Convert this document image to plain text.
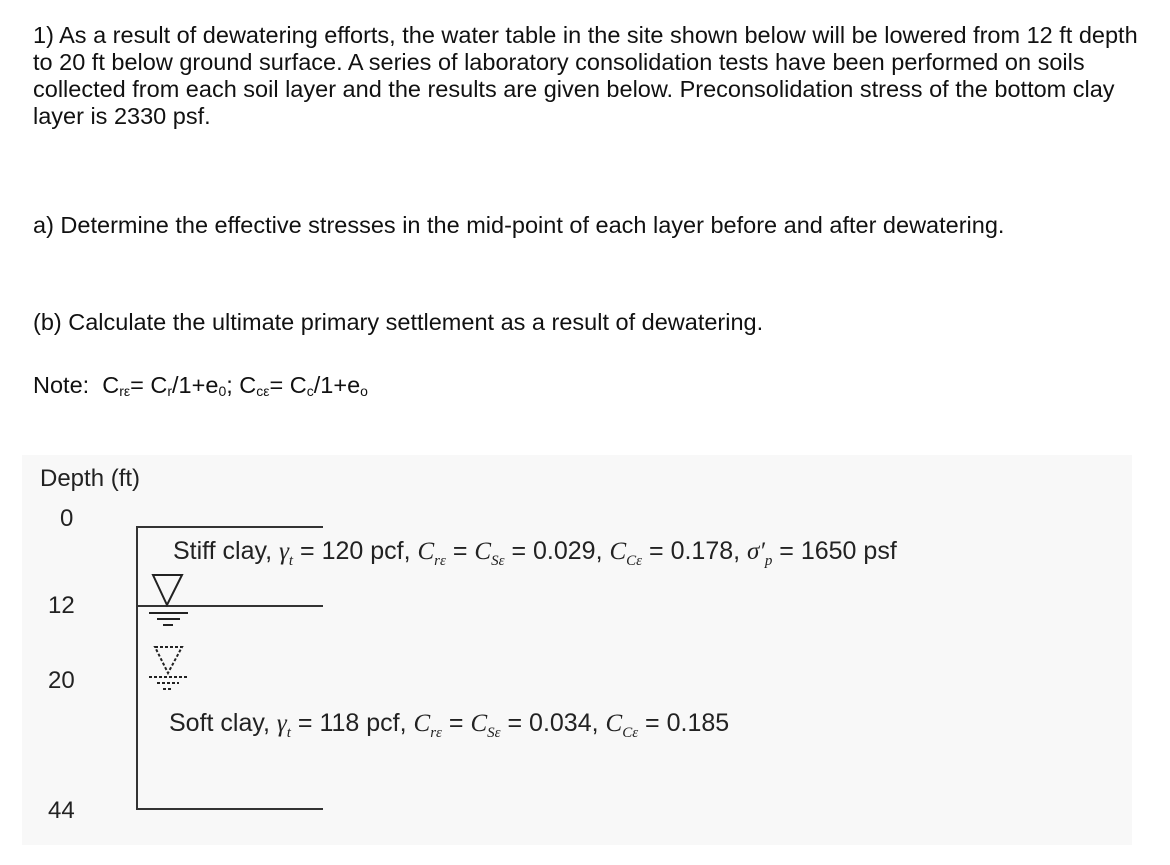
1) As a result of dewatering efforts, the water table in the site shown below will be lowered from 12 ft depth to 20 ft below ground surface. A series of laboratory consolidation tests have been performed on soils collected from each soil layer and the results are given below. Preconsolidation stress of the bottom clay layer is 2330 psf.

a) Determine the effective stresses in the mid-point of each layer before and after dewatering.

(b) Calculate the ultimate primary settlement as a result of dewatering.

Note: $C_{r\varepsilon}= C_r/1+e_0$; $C_{c\varepsilon}= C_c/1+e_o$

Depth (ft)
0
12
20
44
Stiff clay, $\gamma_t = 120$ pcf, $C_{r\varepsilon} = C_{S\varepsilon} = 0.029$, $C_{C\varepsilon} = 0.178$, $\sigma'_p = 1650$ psf
Soft clay, $\gamma_t = 118$ pcf, $C_{r\varepsilon} = C_{S\varepsilon} = 0.034$, $C_{C\varepsilon} = 0.185$
